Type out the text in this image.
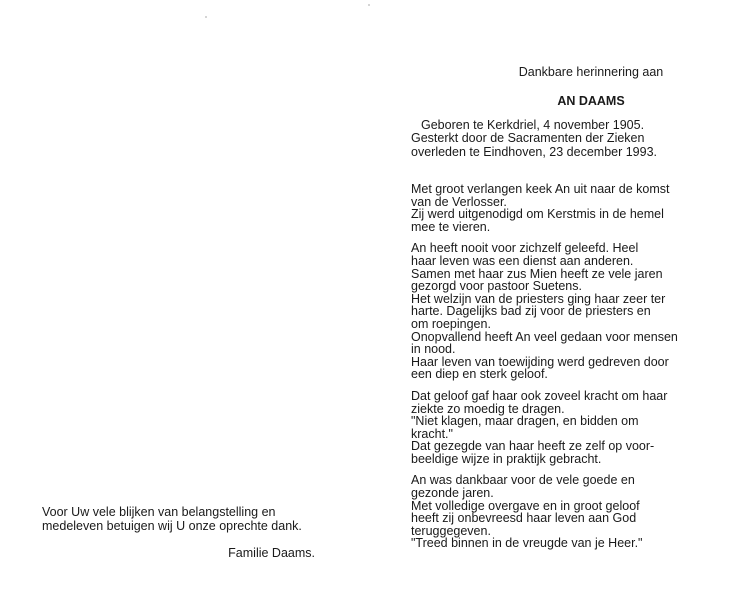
Voor Uw vele blijken van belangstelling en
medeleven betuigen wij U onze oprechte dank.
Familie Daams.
Dankbare herinnering aan
AN DAAMS
Geboren te Kerkdriel, 4 november 1905.
Gesterkt door de Sacramenten der Zieken
overleden te Eindhoven, 23 december 1993.
Met groot verlangen keek An uit naar de komst
van de Verlosser.
Zij werd uitgenodigd om Kerstmis in de hemel
mee te vieren.
An heeft nooit voor zichzelf geleefd. Heel
haar leven was een dienst aan anderen.
Samen met haar zus Mien heeft ze vele jaren
gezorgd voor pastoor Suetens.
Het welzijn van de priesters ging haar zeer ter
harte. Dagelijks bad zij voor de priesters en
om roepingen.
Onopvallend heeft An veel gedaan voor mensen
in nood.
Haar leven van toewijding werd gedreven door
een diep en sterk geloof.
Dat geloof gaf haar ook zoveel kracht om haar
ziekte zo moedig te dragen.
"Niet klagen, maar dragen, en bidden om
kracht."
Dat gezegde van haar heeft ze zelf op voor-
beeldige wijze in praktijk gebracht.
An was dankbaar voor de vele goede en
gezonde jaren.
Met volledige overgave en in groot geloof
heeft zij onbevreesd haar leven aan God
teruggegeven.
"Treed binnen in de vreugde van je Heer."
